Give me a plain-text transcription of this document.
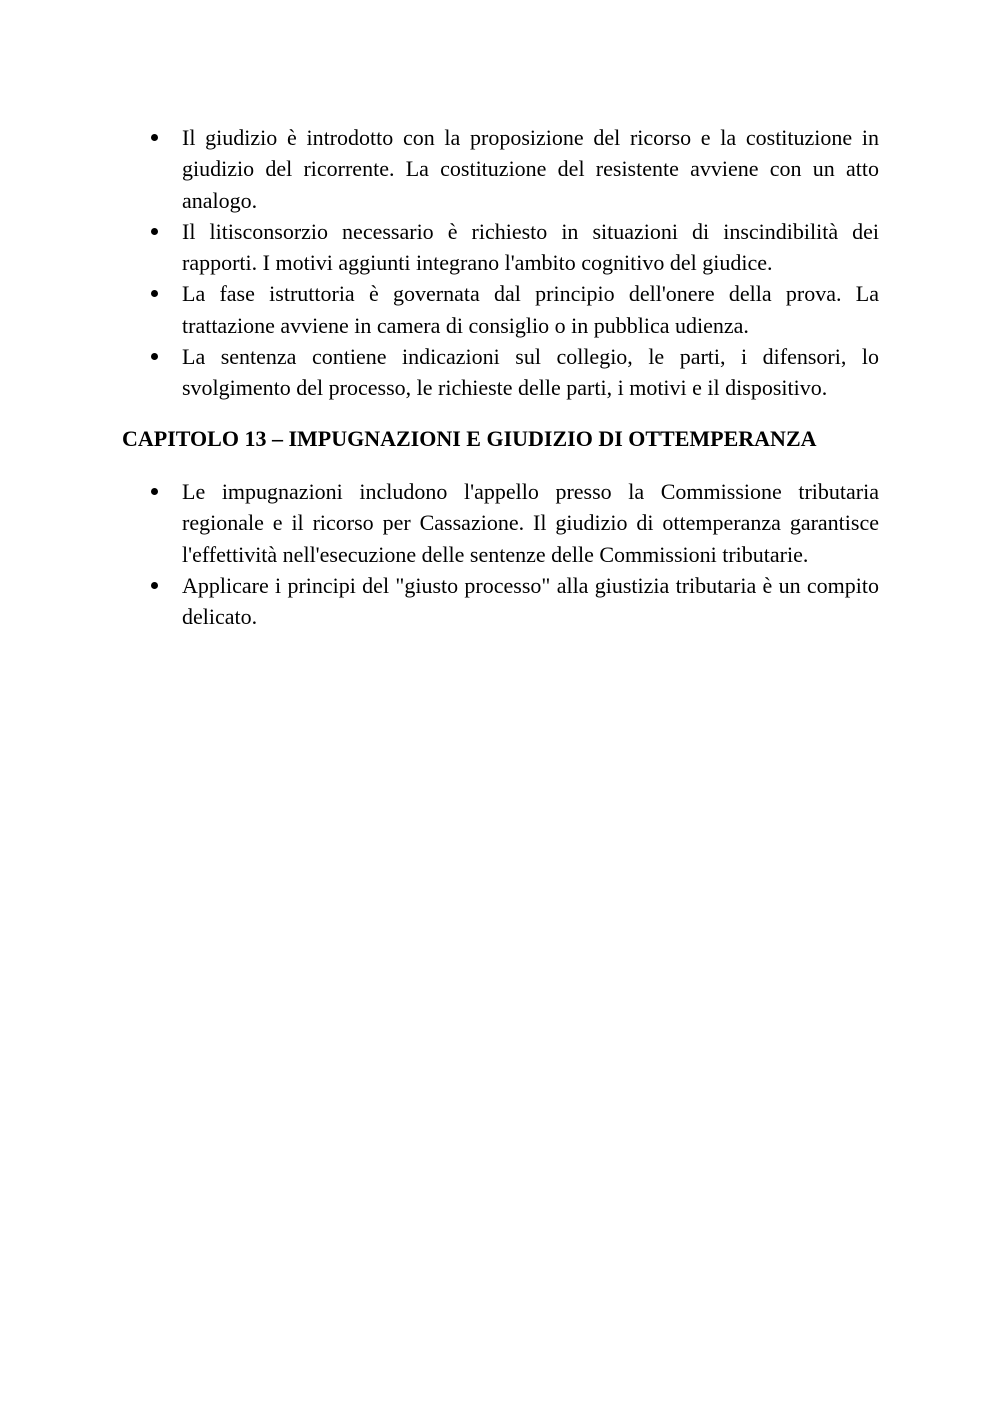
Il giudizio è introdotto con la proposizione del ricorso e la costituzione in giudizio del ricorrente. La costituzione del resistente avviene con un atto analogo.
Il litisconsorzio necessario è richiesto in situazioni di inscindibilità dei rapporti. I motivi aggiunti integrano l'ambito cognitivo del giudice.
La fase istruttoria è governata dal principio dell'onere della prova. La trattazione avviene in camera di consiglio o in pubblica udienza.
La sentenza contiene indicazioni sul collegio, le parti, i difensori, lo svolgimento del processo, le richieste delle parti, i motivi e il dispositivo.
CAPITOLO 13 – IMPUGNAZIONI E GIUDIZIO DI OTTEMPERANZA
Le impugnazioni includono l'appello presso la Commissione tributaria regionale e il ricorso per Cassazione. Il giudizio di ottemperanza garantisce l'effettività nell'esecuzione delle sentenze delle Commissioni tributarie.
Applicare i principi del "giusto processo" alla giustizia tributaria è un compito delicato.
